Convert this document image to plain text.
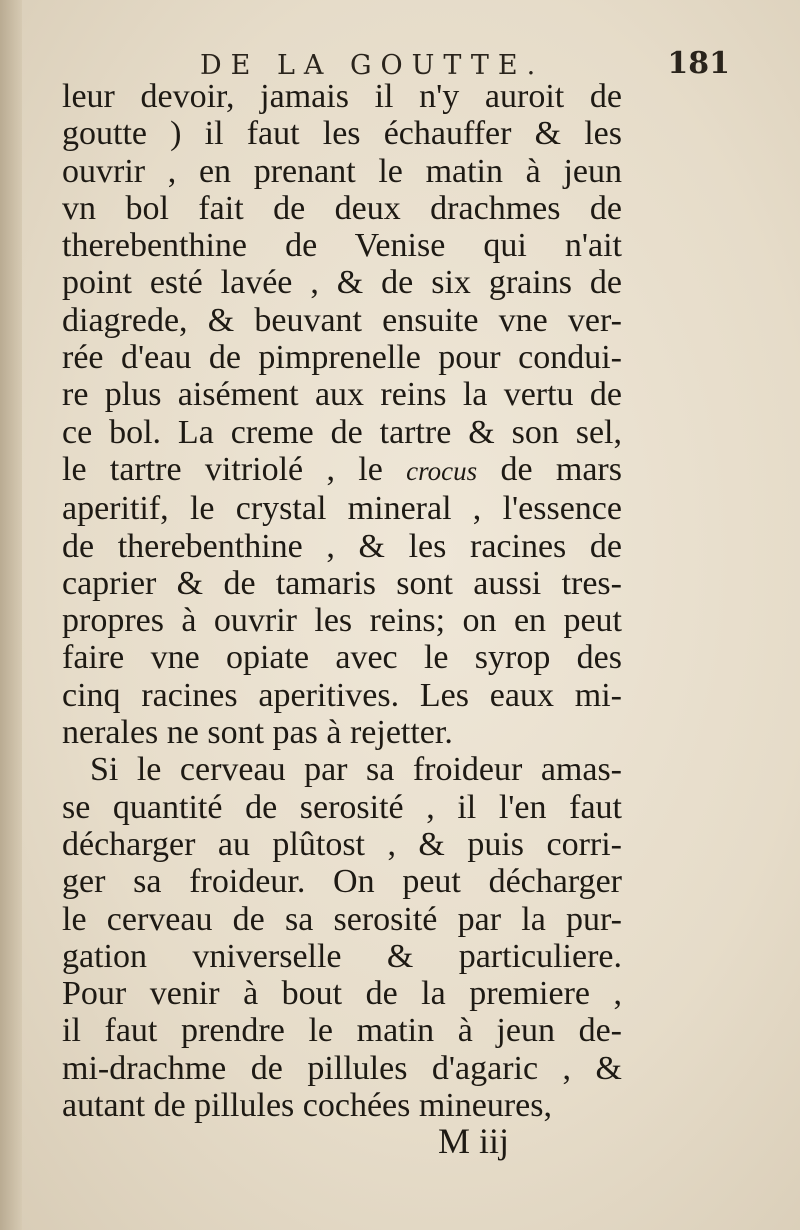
DE LA GOUTTE.	181
leur devoir, jamais il n'y auroit de
goutte ) il faut les échauffer & les
ouvrir , en prenant le matin à jeun
vn bol fait de deux drachmes de
therebenthine de Venise qui n'ait
point esté lavée , & de six grains de
diagrede, & beuvant ensuite vne ver-
rée d'eau de pimprenelle pour condui-
re plus aisément aux reins la vertu de
ce bol. La creme de tartre & son sel,
le tartre vitriolé , le crocus de mars
aperitif, le crystal mineral , l'essence
de therebenthine , & les racines de
caprier & de tamaris sont aussi tres-
propres à ouvrir les reins; on en peut
faire vne opiate avec le syrop des
cinq racines aperitives. Les eaux mi-
nerales ne sont pas à rejetter.
Si le cerveau par sa froideur amas-
se quantité de serosité , il l'en faut
décharger au plûtost , & puis corri-
ger sa froideur. On peut décharger
le cerveau de sa serosité par la pur-
gation vniverselle & particuliere.
Pour venir à bout de la premiere ,
il faut prendre le matin à jeun de-
mi-drachme de pillules d'agaric , &
autant de pillules cochées mineures,
M iij
